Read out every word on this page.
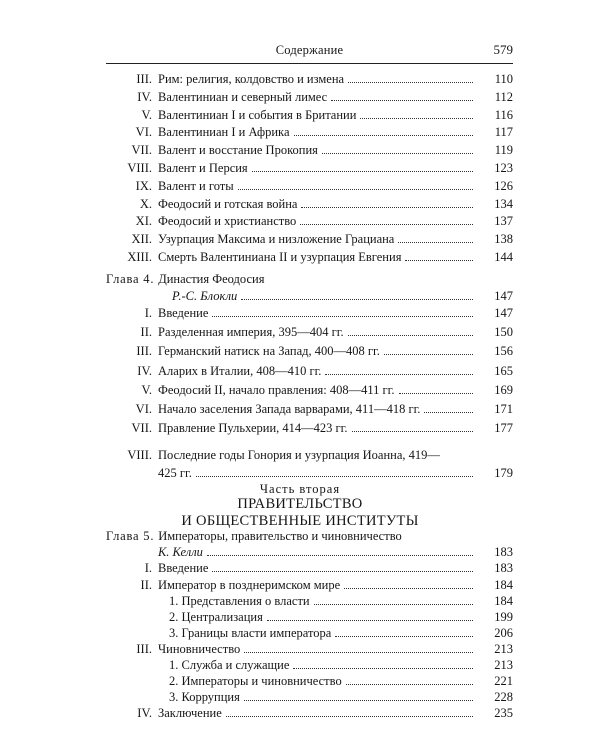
Содержание	579
III. Рим: религия, колдовство и измена	110
IV. Валентиниан и северный лимес	112
V. Валентиниан I и события в Британии	116
VI. Валентиниан I и Африка	117
VII. Валент и восстание Прокопия	119
VIII. Валент и Персия	123
IX. Валент и готы	126
X. Феодосий и готская война	134
XI. Феодосий и христианство	137
XII. Узурпация Максима и низложение Грациана	138
XIII. Смерть Валентиниана II и узурпация Евгения	144
Глава 4. Династия Феодосия
Р.-С. Блокли	147
I. Введение	147
II. Разделенная империя, 395—404 гг.	150
III. Германский натиск на Запад, 400—408 гг.	156
IV. Аларих в Италии, 408—410 гг.	165
V. Феодосий II, начало правления: 408—411 гг.	169
VI. Начало заселения Запада варварами, 411—418 гг.	171
VII. Правление Пульхерии, 414—423 гг.	177
VIII. Последние годы Гонория и узурпация Иоанна, 419—
425 гг.	179
Часть вторая
ПРАВИТЕЛЬСТВО
И ОБЩЕСТВЕННЫЕ ИНСТИТУТЫ
Глава 5. Императоры, правительство и чиновничество
К. Келли	183
I. Введение	183
II. Император в позднеримском мире	184
1. Представления о власти	184
2. Централизация	199
3. Границы власти императора	206
III. Чиновничество	213
1. Служба и служащие	213
2. Императоры и чиновничество	221
3. Коррупция	228
IV. Заключение	235
